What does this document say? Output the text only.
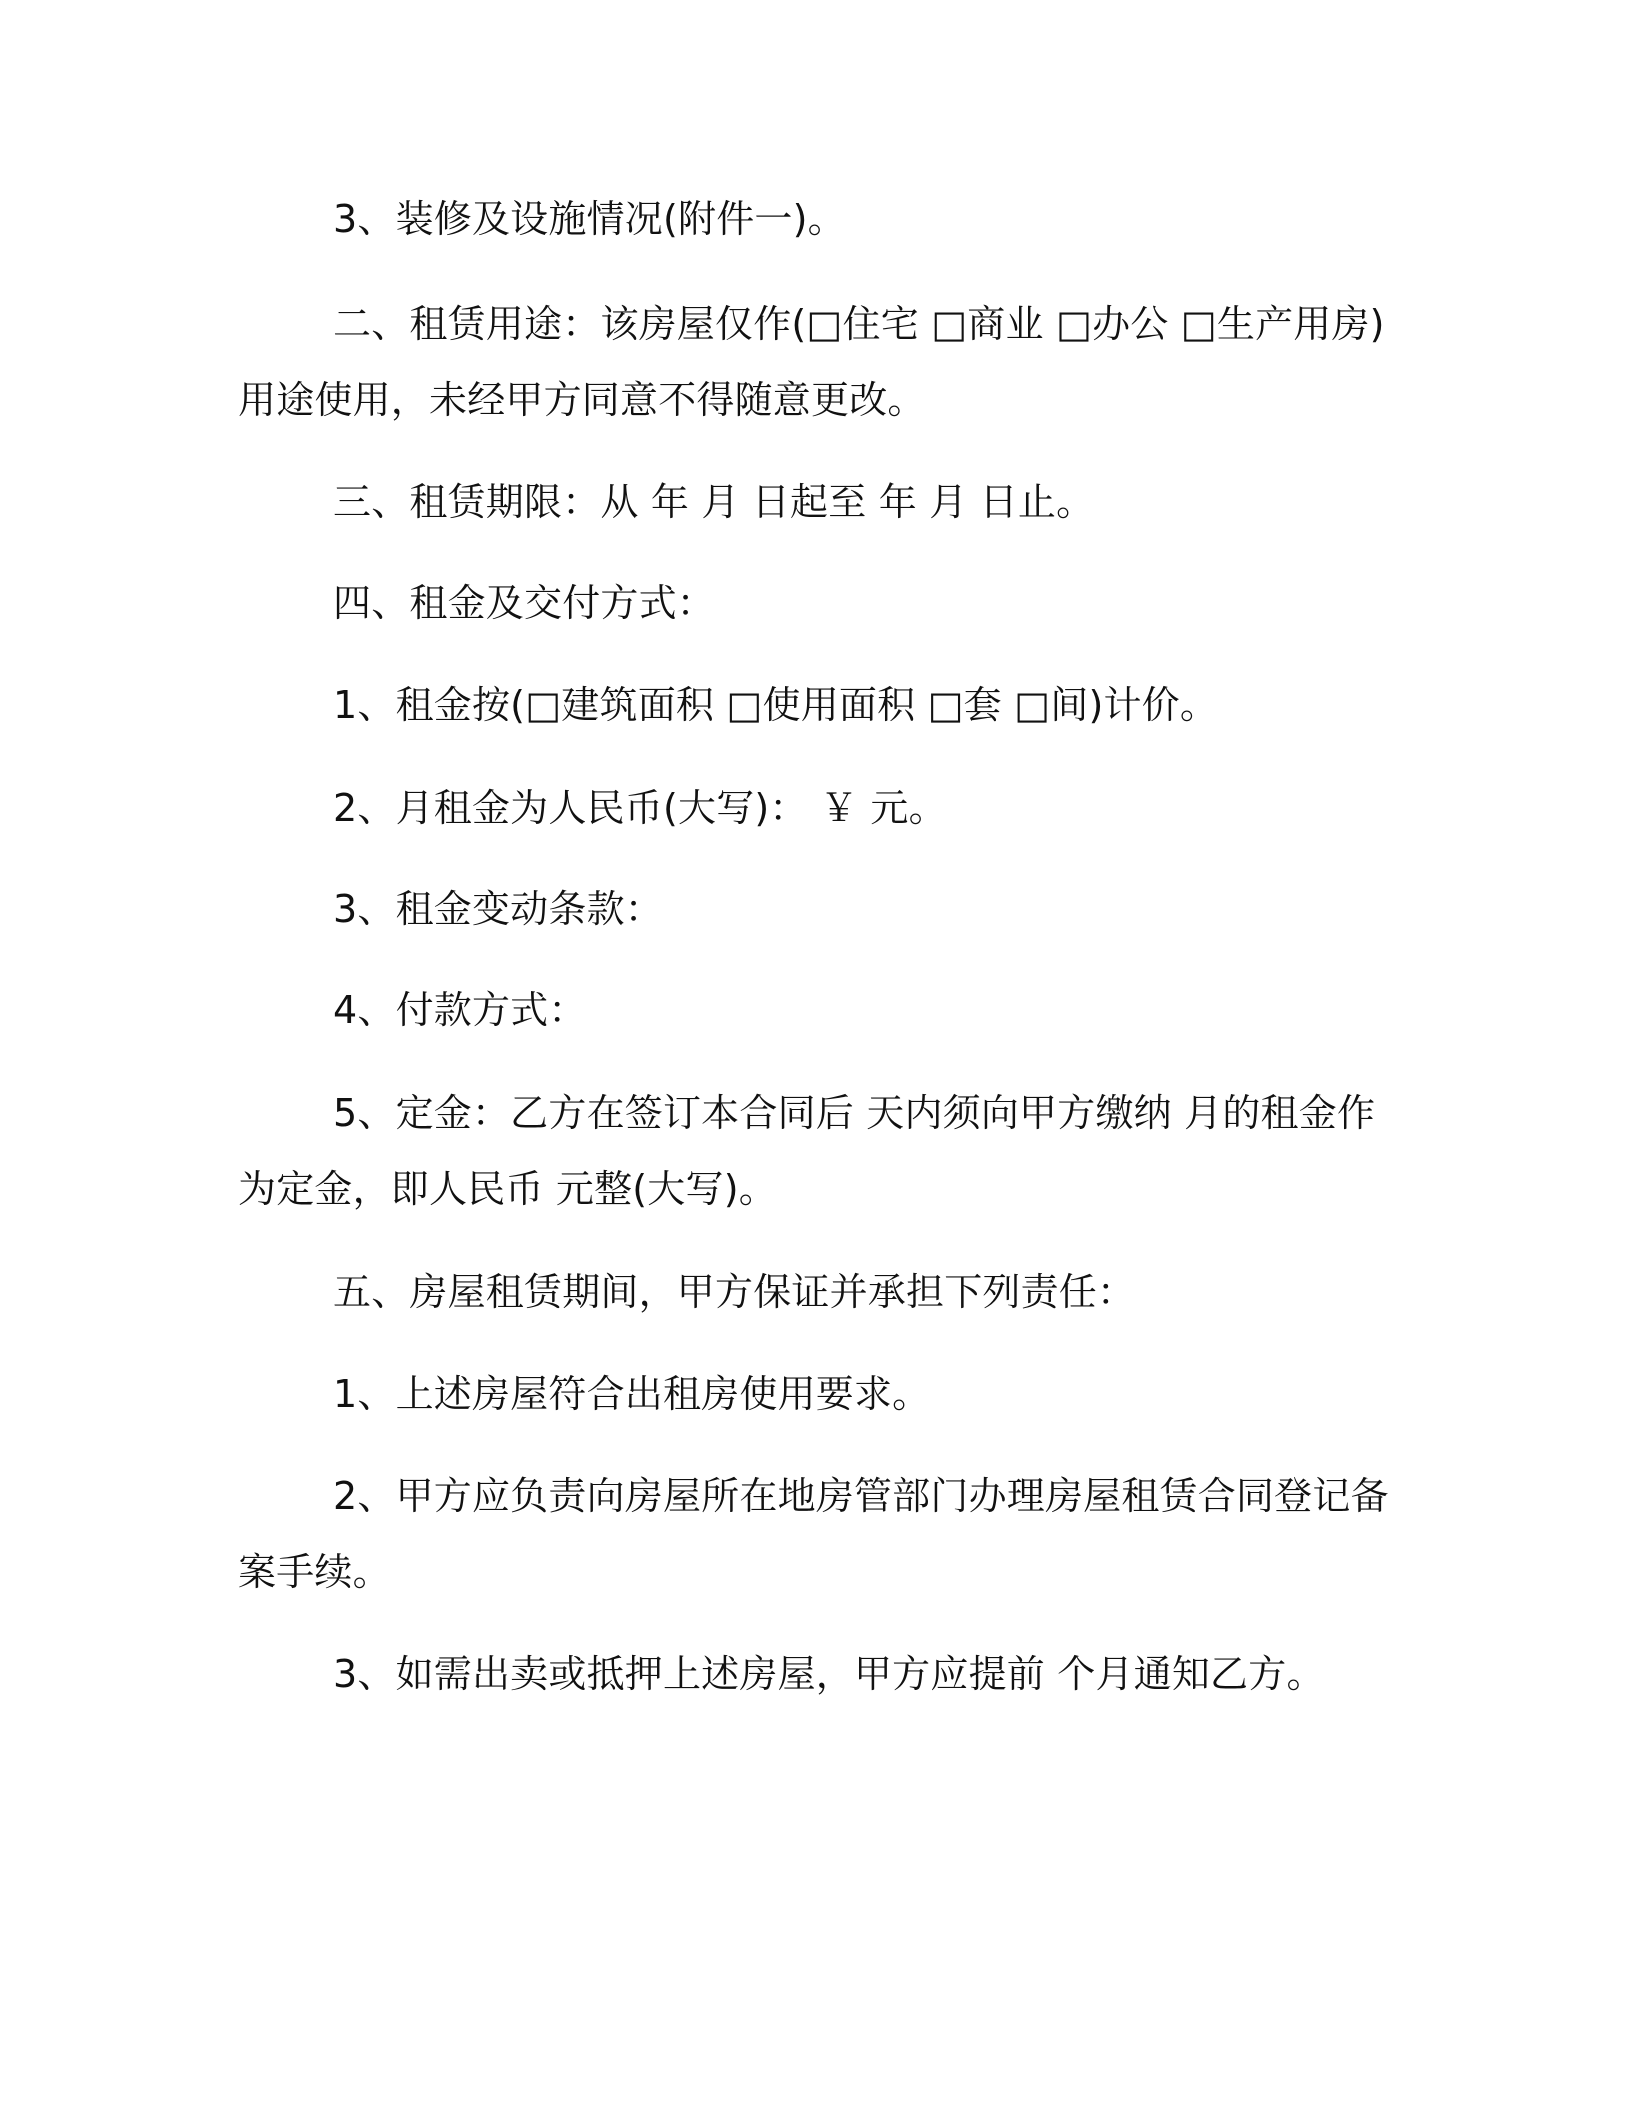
3、装修及设施情况(附件一)。

二、租赁用途：该房屋仅作(□住宅 □商业 □办公 □生产用房)用途使用，未经甲方同意不得随意更改。

三、租赁期限：从 年 月 日起至 年 月 日止。

四、租金及交付方式：

1、租金按(□建筑面积 □使用面积 □套 □间)计价。

2、月租金为人民币(大写)： ￥ 元。

3、租金变动条款：

4、付款方式：

5、定金：乙方在签订本合同后 天内须向甲方缴纳 月的租金作为定金，即人民币 元整(大写)。

五、房屋租赁期间，甲方保证并承担下列责任：

1、上述房屋符合出租房使用要求。

2、甲方应负责向房屋所在地房管部门办理房屋租赁合同登记备案手续。

3、如需出卖或抵押上述房屋，甲方应提前 个月通知乙方。
